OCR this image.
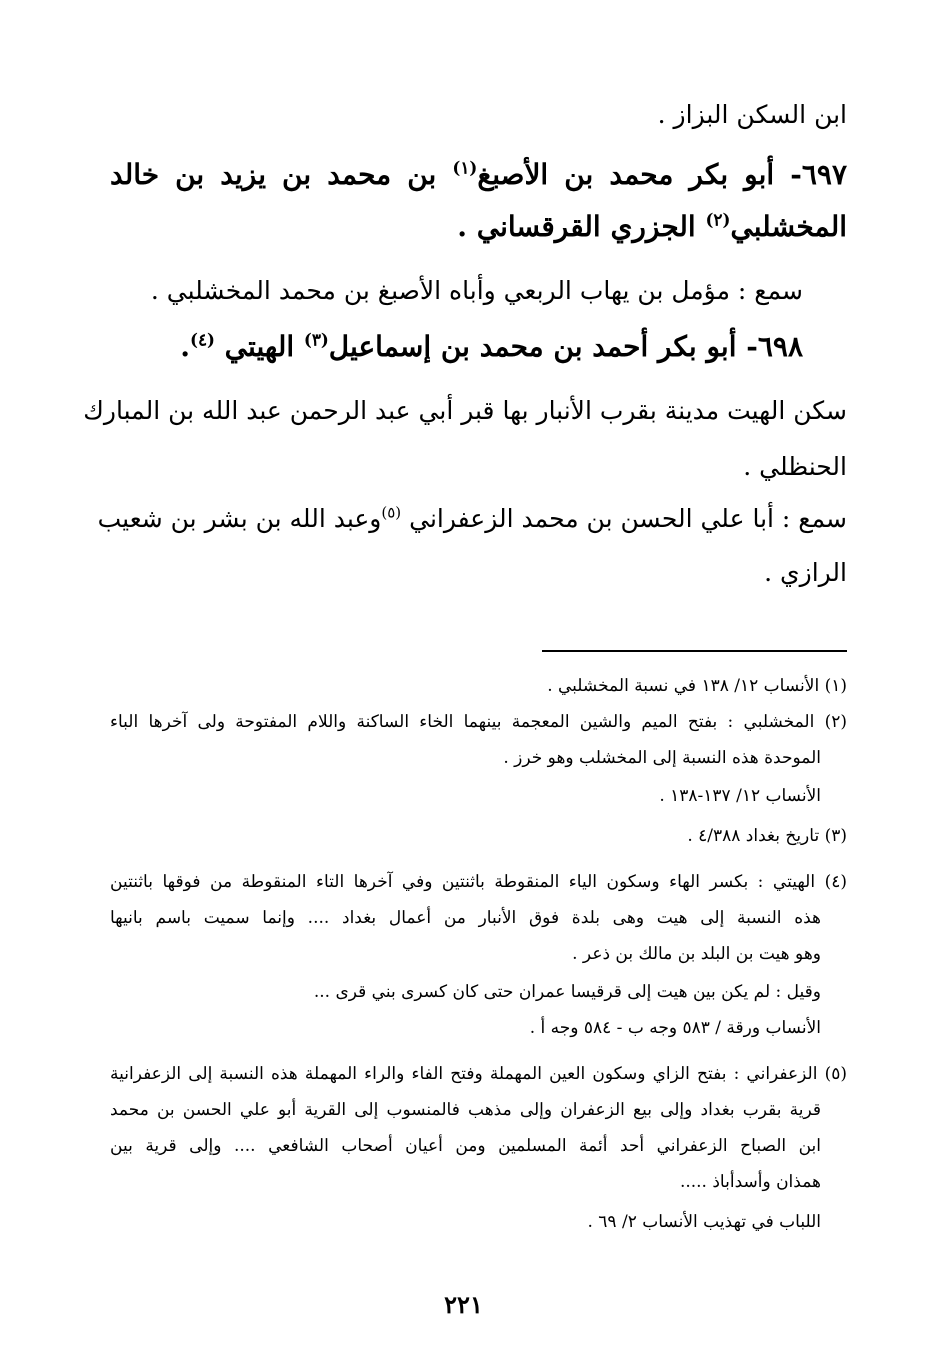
ابن السكن البزاز .
٦٩٧- أبو بكر محمد بن الأصبغ$^{(١)}$ بن محمد بن يزيد بن خالد
المخشلبي$^{(٢)}$ الجزري القرقساني .
سمع : مؤمل بن يهاب الربعي وأباه الأصبغ بن محمد المخشلبي .
٦٩٨- أبو بكر أحمد بن محمد بن إسماعيل$^{(٣)}$ الهيتي $^{(٤)}$.
سكن الهيت مدينة بقرب الأنبار بها قبر أبي عبد الرحمن عبد الله بن المبارك
الحنظلي .
سمع : أبا علي الحسن بن محمد الزعفراني $^{(٥)}$وعبد الله بن بشر بن شعيب
الرازي .
(١) الأنساب ١٢/ ١٣٨ في نسبة المخشلبي .
(٢) المخشلبي : بفتح الميم والشين المعجمة بينهما الخاء الساكنة واللام المفتوحة ولى آخرها الباء
الموحدة هذه النسبة إلى المخشلب وهو خرز .
الأنساب ١٢/ ١٣٧-١٣٨ .
(٣) تاريخ بغداد ٤/٣٨٨ .
(٤) الهيتي : بكسر الهاء وسكون الياء المنقوطة باثنتين وفي آخرها التاء المنقوطة من فوقها باثنتين
هذه النسبة إلى هيت وهى بلدة فوق الأنبار من أعمال بغداد .... وإنما سميت باسم بانيها
وهو هيت بن البلد بن مالك بن ذعر .
وقيل : لم يكن بين هيت إلى قرقيسا عمران حتى كان كسرى بني قرى ...
الأنساب ورقة / ٥٨٣ وجه ب - ٥٨٤ وجه أ .
(٥) الزعفراني : بفتح الزاي وسكون العين المهملة وفتح الفاء والراء المهملة هذه النسبة إلى الزعفرانية
قرية بقرب بغداد وإلى بيع الزعفران وإلى مذهب فالمنسوب إلى القرية أبو علي الحسن بن محمد
ابن الصباح الزعفراني أحد أئمة المسلمين ومن أعيان أصحاب الشافعي .... وإلى قرية بين
همذان وأسدأباذ .....
اللباب في تهذيب الأنساب ٢/ ٦٩ .
٢٢١
